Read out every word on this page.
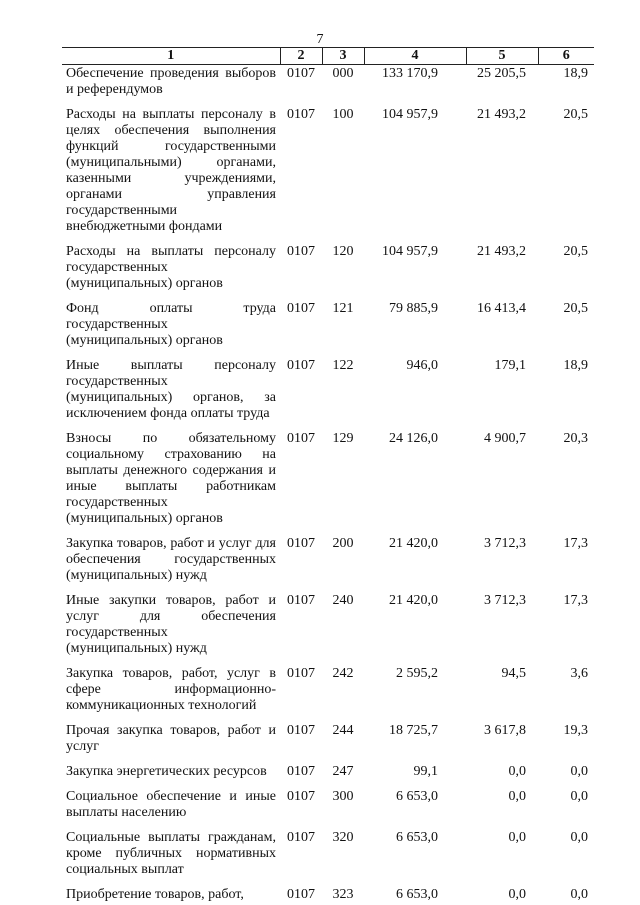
7
1	2	3	4	5	6
Обеспечение проведения выборов и референдумов	0107	000	133 170,9	25 205,5	18,9
Расходы на выплаты персоналу в целях обеспечения выполнения функций государственными (муниципальными) органами, казенными учреждениями, органами управления государственными внебюджетными фондами	0107	100	104 957,9	21 493,2	20,5
Расходы на выплаты персоналу государственных (муниципальных) органов	0107	120	104 957,9	21 493,2	20,5
Фонд оплаты труда государственных (муниципальных) органов	0107	121	79 885,9	16 413,4	20,5
Иные выплаты персоналу государственных (муниципальных) органов, за исключением фонда оплаты труда	0107	122	946,0	179,1	18,9
Взносы по обязательному социальному страхованию на выплаты денежного содержания и иные выплаты работникам государственных (муниципальных) органов	0107	129	24 126,0	4 900,7	20,3
Закупка товаров, работ и услуг для обеспечения государственных (муниципальных) нужд	0107	200	21 420,0	3 712,3	17,3
Иные закупки товаров, работ и услуг для обеспечения государственных (муниципальных) нужд	0107	240	21 420,0	3 712,3	17,3
Закупка товаров, работ, услуг в сфере информационно-коммуникационных технологий	0107	242	2 595,2	94,5	3,6
Прочая закупка товаров, работ и услуг	0107	244	18 725,7	3 617,8	19,3
Закупка энергетических ресурсов	0107	247	99,1	0,0	0,0
Социальное обеспечение и иные выплаты населению	0107	300	6 653,0	0,0	0,0
Социальные выплаты гражданам, кроме публичных нормативных социальных выплат	0107	320	6 653,0	0,0	0,0
Приобретение товаров, работ,	0107	323	6 653,0	0,0	0,0
